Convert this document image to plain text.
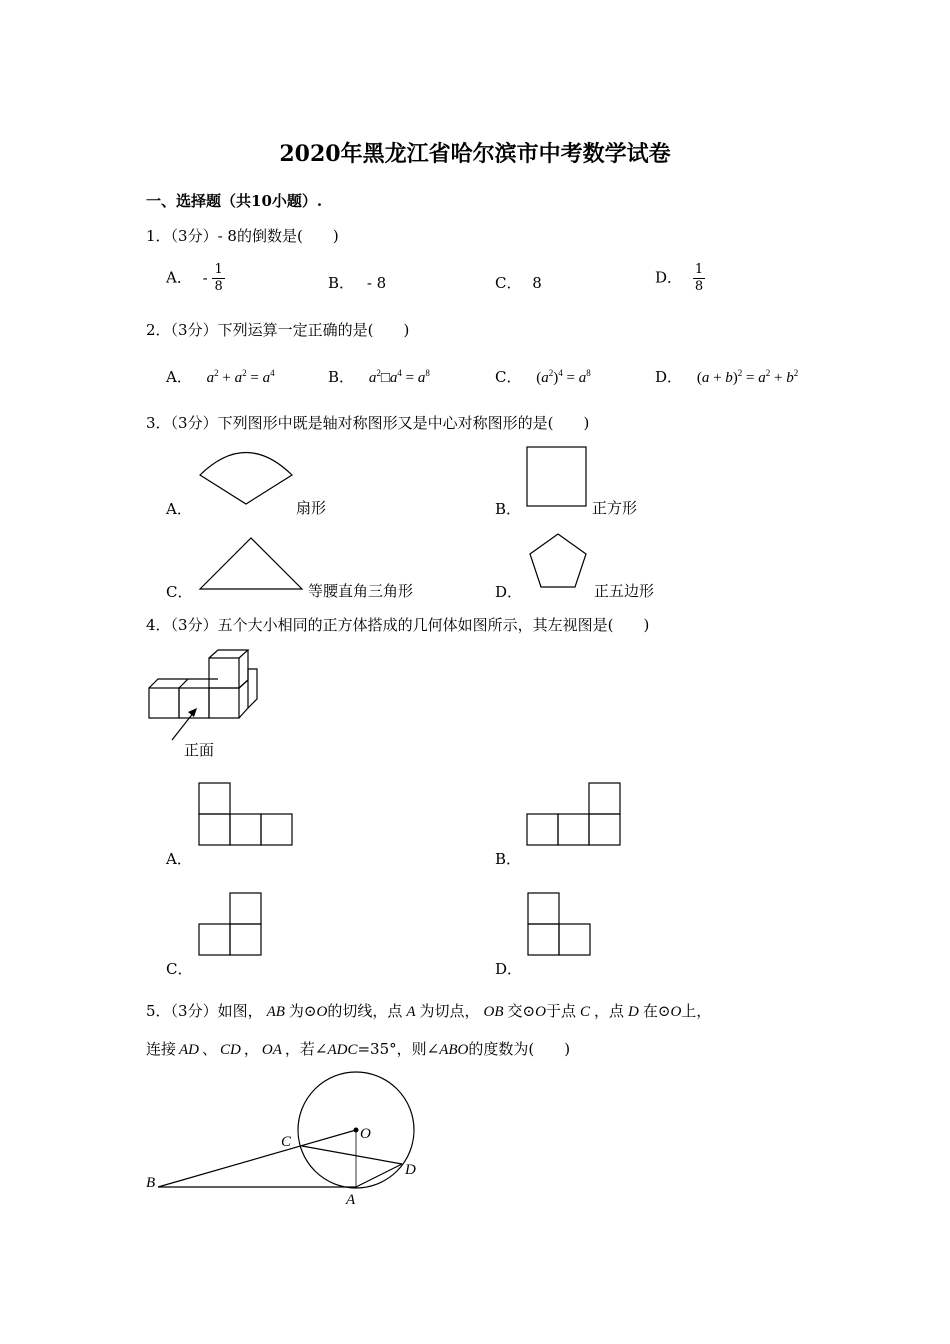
2020年黑龙江省哈尔滨市中考数学试卷
一、选择题（共10小题）.
1．（3分）- 8的倒数是(　　)
A． - $\frac{1}{8}$	B． - 8	C． 8	D． $\frac{1}{8}$
2．（3分）下列运算一定正确的是(　　)
A． $a^2 + a^2 = a^4$	B． $a^2□a^4 = a^8$	C． $(a^2)^4 = a^8$	D． $(a + b)^2 = a^2 + b^2$
3．（3分）下列图形中既是轴对称图形又是中心对称图形的是(　　)
A．	扇形	B．	正方形
C．	等腰直角三角形	D．	正五边形
4．（3分）五个大小相同的正方体搭成的几何体如图所示，其左视图是(　　)
正面
A．	B．
C．	D．
5．（3分）如图， AB 为⊙O的切线，点 A 为切点， OB 交⊙O于点 C ，点 D 在⊙O上，
连接 AD 、 CD ， OA ，若∠ADC=35°，则∠ABO的度数为(　　)
B
C	O
D
A
